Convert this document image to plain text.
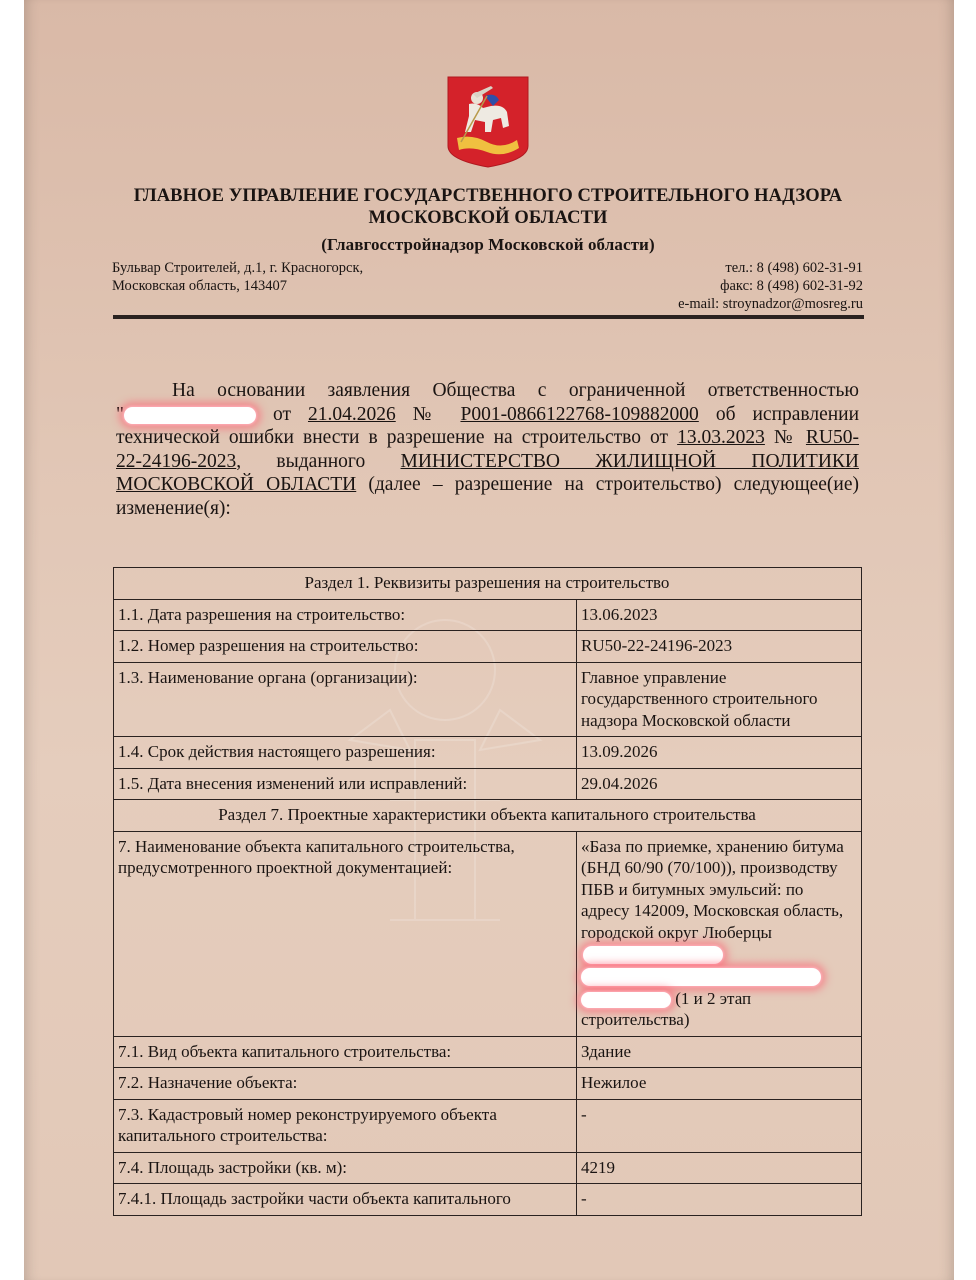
ГЛАВНОЕ УПРАВЛЕНИЕ ГОСУДАРСТВЕННОГО СТРОИТЕЛЬНОГО НАДЗОРА
МОСКОВСКОЙ ОБЛАСТИ
(Главгосстройнадзор Московской области)
Бульвар Строителей, д.1, г. Красногорск,
Московская область, 143407
тел.: 8 (498) 602-31-91
факс: 8 (498) 602-31-92
e-mail: stroynadzor@mosreg.ru
На основании заявления Общества с ограниченной ответственностью
"	от 21.04.2026 № P001-0866122768-109882000 об исправлении
технической ошибки внести в разрешение на строительство от 13.03.2023 № RU50-
22-24196-2023, выданного МИНИСТЕРСТВО ЖИЛИЩНОЙ ПОЛИТИКИ
МОСКОВСКОЙ ОБЛАСТИ (далее – разрешение на строительство) следующее(ие)
изменение(я):
Раздел 1. Реквизиты разрешения на строительство	
1.1. Дата разрешения на строительство:	13.06.2023
1.2. Номер разрешения на строительство:	RU50-22-24196-2023
1.3. Наименование органа (организации):	Главное управление государственного строительного надзора Московской области
1.4. Срок действия настоящего разрешения:	13.09.2026
1.5. Дата внесения изменений или исправлений:	29.04.2026
Раздел 7. Проектные характеристики объекта капитального строительства	
7. Наименование объекта капитального строительства, предусмотренного проектной документацией:	«База по приемке, хранению битума (БНД 60/90 (70/100)), производству ПБВ и битумных эмульсий: по адресу 142009, Московская область, городской округ Люберцы

(1 и 2 этап строительства)
7.1. Вид объекта капитального строительства:	Здание
7.2. Назначение объекта:	Нежилое
7.3. Кадастровый номер реконструируемого объекта капитального строительства:	-
7.4. Площадь застройки (кв. м):	4219
7.4.1. Площадь застройки части объекта капитального	-
